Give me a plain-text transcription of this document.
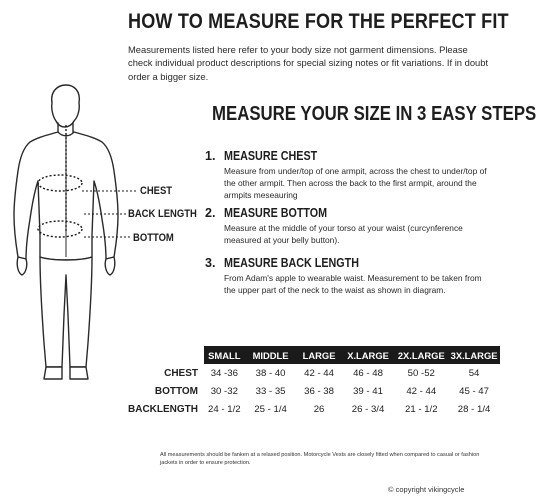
HOW TO MEASURE FOR THE PERFECT FIT
Measurements listed here refer to your body size not garment dimensions. Please check individual product descriptions for special sizing notes or fit variations. If in doubt order a bigger size.
MEASURE YOUR SIZE IN 3 EASY STEPS
CHEST
BACK LENGTH
BOTTOM
1. MEASURE CHEST
Measure from under/top of one armpit, across the chest to under/top of the other armpit. Then across the back to the first armpit, around the armpits meseauring
2. MEASURE BOTTOM
Measure at the middle of your torso at your waist (curcynference measured at your belly button).
3. MEASURE BACK LENGTH
From Adam's apple to wearable waist. Measurement to be taken from the upper part of the neck to the waist as shown in diagram.
	SMALL	MIDDLE	LARGE	X.LARGE	2X.LARGE	3X.LARGE
CHEST	34 -36	38 - 40	42 - 44	46 - 48	50 -52	54
BOTTOM	30 -32	33 - 35	36 - 38	39 - 41	42 - 44	45 - 47
BACKLENGTH	24 - 1/2	25 - 1/4	26	26 - 3/4	21 - 1/2	28 - 1/4
All measurements should be fanken at a relaxed position. Motorcycle Vests are closely fitted when compared to casual or fashion jackets in order to ensure protection.
© copyright vikingcycle
